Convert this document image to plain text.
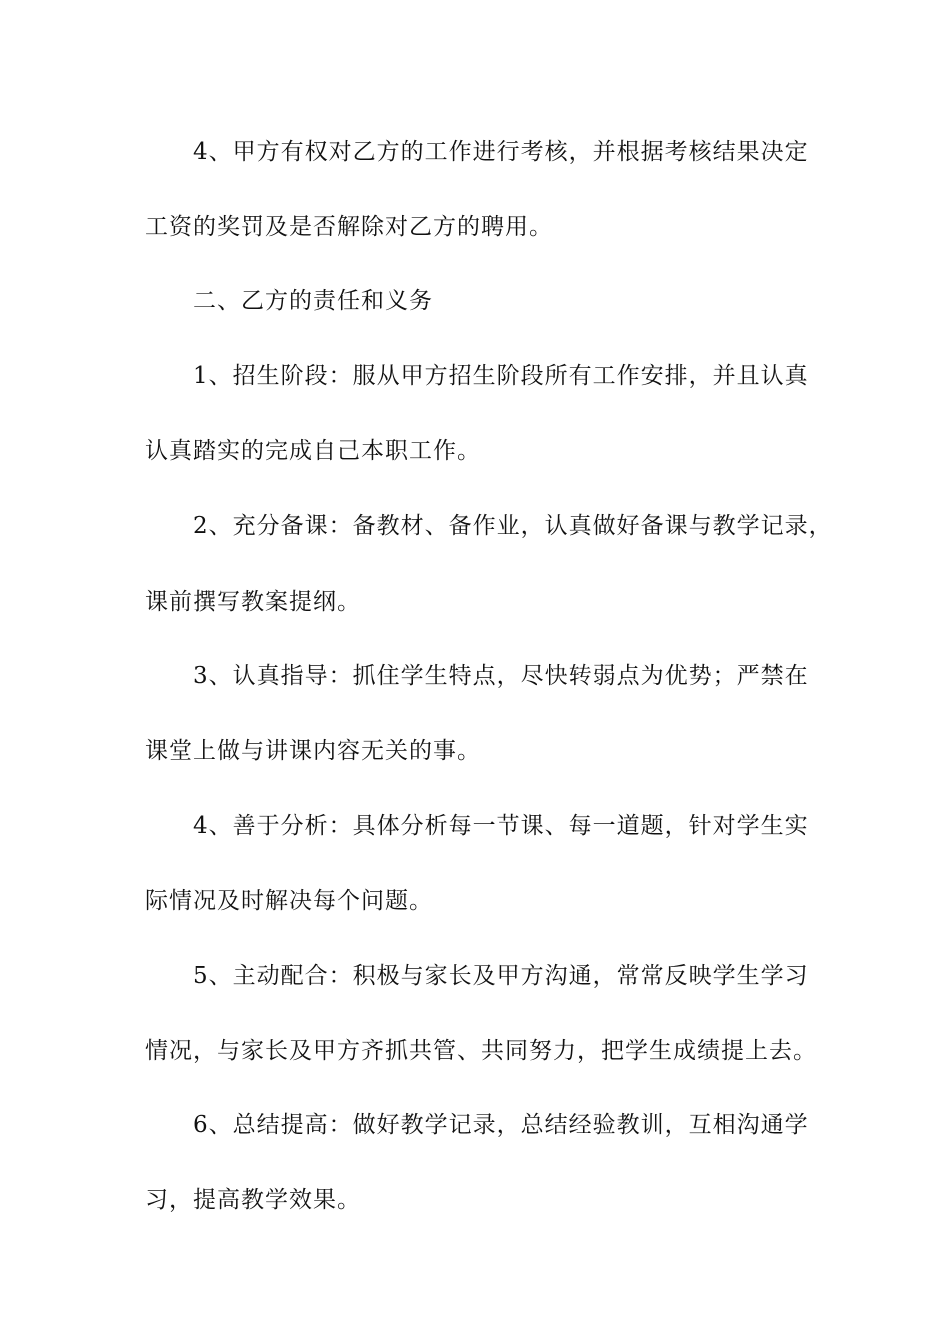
4、甲方有权对乙方的工作进行考核，并根据考核结果决定
工资的奖罚及是否解除对乙方的聘用。
二、乙方的责任和义务
1、招生阶段：服从甲方招生阶段所有工作安排，并且认真
认真踏实的完成自己本职工作。
2、充分备课：备教材、备作业，认真做好备课与教学记录，
课前撰写教案提纲。
3、认真指导：抓住学生特点，尽快转弱点为优势；严禁在
课堂上做与讲课内容无关的事。
4、善于分析：具体分析每一节课、每一道题，针对学生实
际情况及时解决每个问题。
5、主动配合：积极与家长及甲方沟通，常常反映学生学习
情况，与家长及甲方齐抓共管、共同努力，把学生成绩提上去。
6、总结提高：做好教学记录，总结经验教训，互相沟通学
习，提高教学效果。
